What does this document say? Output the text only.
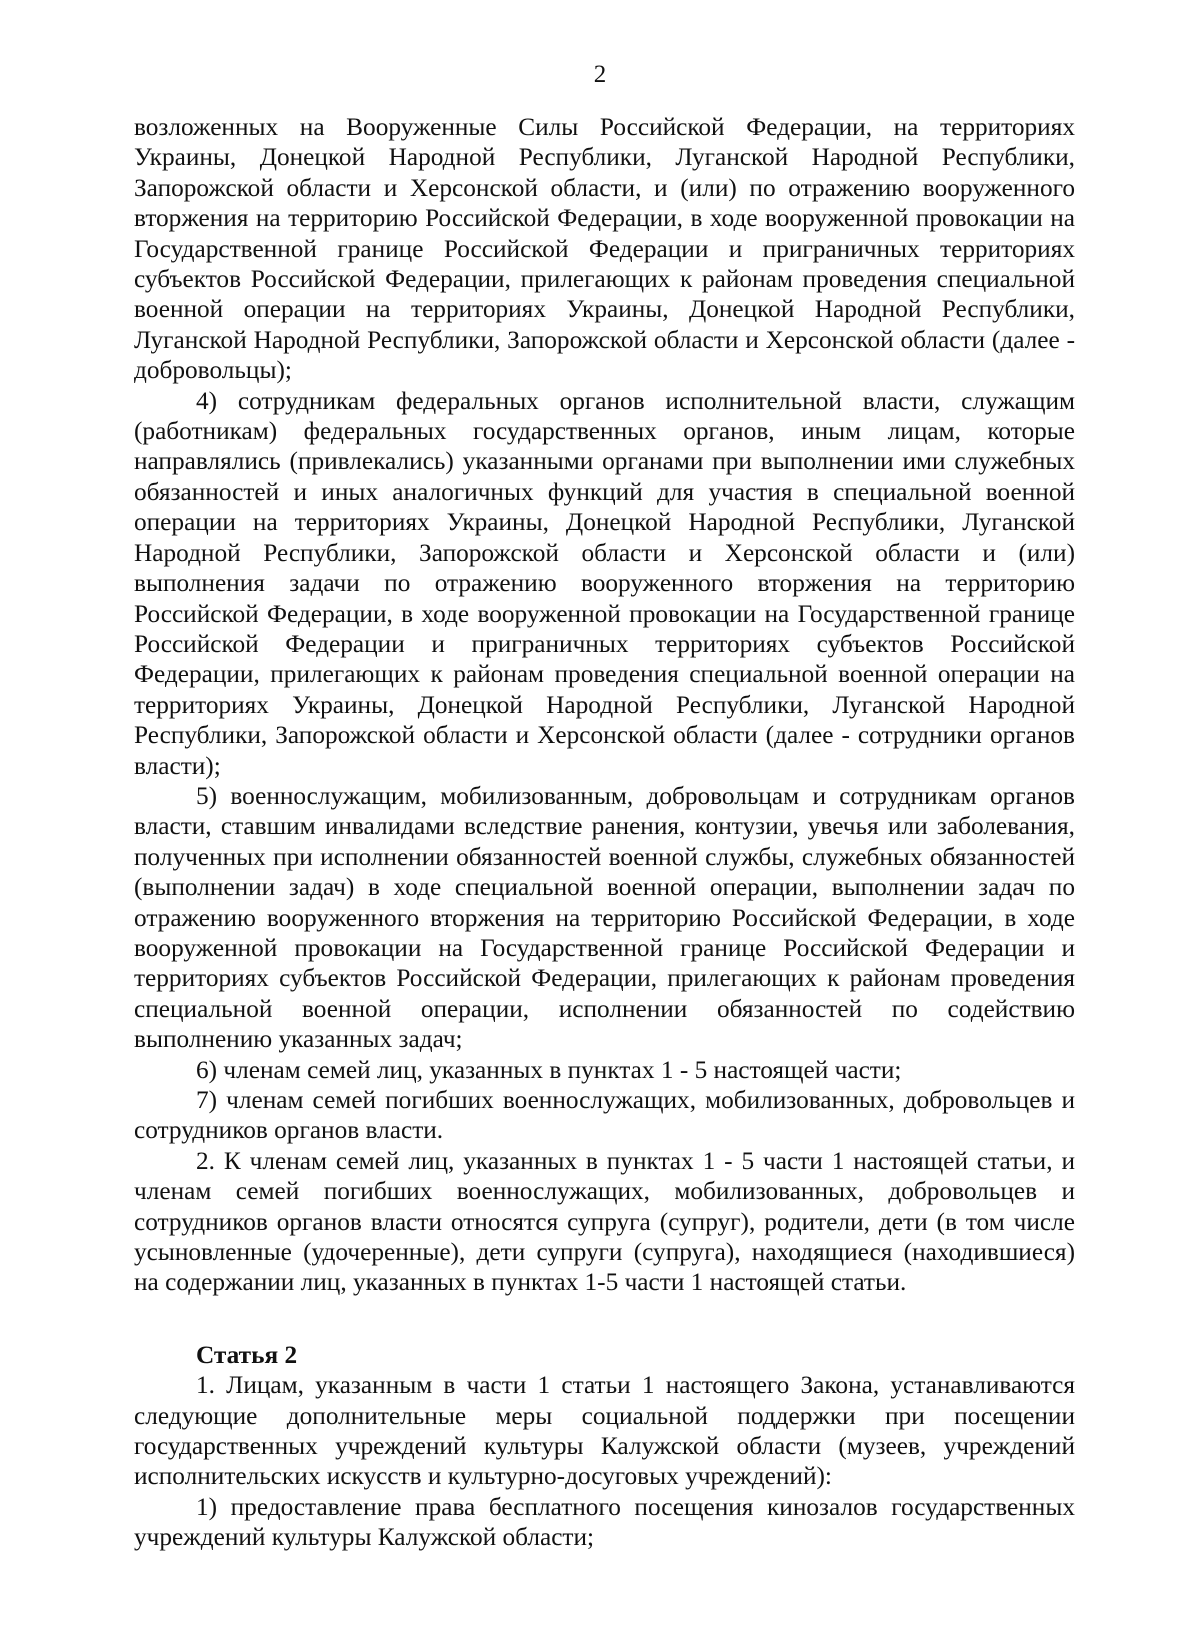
2

возложенных на Вооруженные Силы Российской Федерации, на территориях Украины, Донецкой Народной Республики, Луганской Народной Республики, Запорожской области и Херсонской области, и (или) по отражению вооруженного вторжения на территорию Российской Федерации, в ходе вооруженной провокации на Государственной границе Российской Федерации и приграничных территориях субъектов Российской Федерации, прилегающих к районам проведения специальной военной операции на территориях Украины, Донецкой Народной Республики, Луганской Народной Республики, Запорожской области и Херсонской области (далее - добровольцы);

4) сотрудникам федеральных органов исполнительной власти, служащим (работникам) федеральных государственных органов, иным лицам, которые направлялись (привлекались) указанными органами при выполнении ими служебных обязанностей и иных аналогичных функций для участия в специальной военной операции на территориях Украины, Донецкой Народной Республики, Луганской Народной Республики, Запорожской области и Херсонской области и (или) выполнения задачи по отражению вооруженного вторжения на территорию Российской Федерации, в ходе вооруженной провокации на Государственной границе Российской Федерации и приграничных территориях субъектов Российской Федерации, прилегающих к районам проведения специальной военной операции на территориях Украины, Донецкой Народной Республики, Луганской Народной Республики, Запорожской области и Херсонской области (далее - сотрудники органов власти);

5) военнослужащим, мобилизованным, добровольцам и сотрудникам органов власти, ставшим инвалидами вследствие ранения, контузии, увечья или заболевания, полученных при исполнении обязанностей военной службы, служебных обязанностей (выполнении задач) в ходе специальной военной операции, выполнении задач по отражению вооруженного вторжения на территорию Российской Федерации, в ходе вооруженной провокации на Государственной границе Российской Федерации и территориях субъектов Российской Федерации, прилегающих к районам проведения специальной военной операции, исполнении обязанностей по содействию выполнению указанных задач;

6) членам семей лиц, указанных в пунктах 1 - 5 настоящей части;

7) членам семей погибших военнослужащих, мобилизованных, добровольцев и сотрудников органов власти.

2. К членам семей лиц, указанных в пунктах 1 - 5 части 1 настоящей статьи, и членам семей погибших военнослужащих, мобилизованных, добровольцев и сотрудников органов власти относятся супруга (супруг), родители, дети (в том числе усыновленные (удочеренные), дети супруги (супруга), находящиеся (находившиеся) на содержании лиц, указанных в пунктах 1-5 части 1 настоящей статьи.

Статья 2

1. Лицам, указанным в части 1 статьи 1 настоящего Закона, устанавливаются следующие дополнительные меры социальной поддержки при посещении государственных учреждений культуры Калужской области (музеев, учреждений исполнительских искусств и культурно-досуговых учреждений):

1) предоставление права бесплатного посещения кинозалов государственных учреждений культуры Калужской области;
